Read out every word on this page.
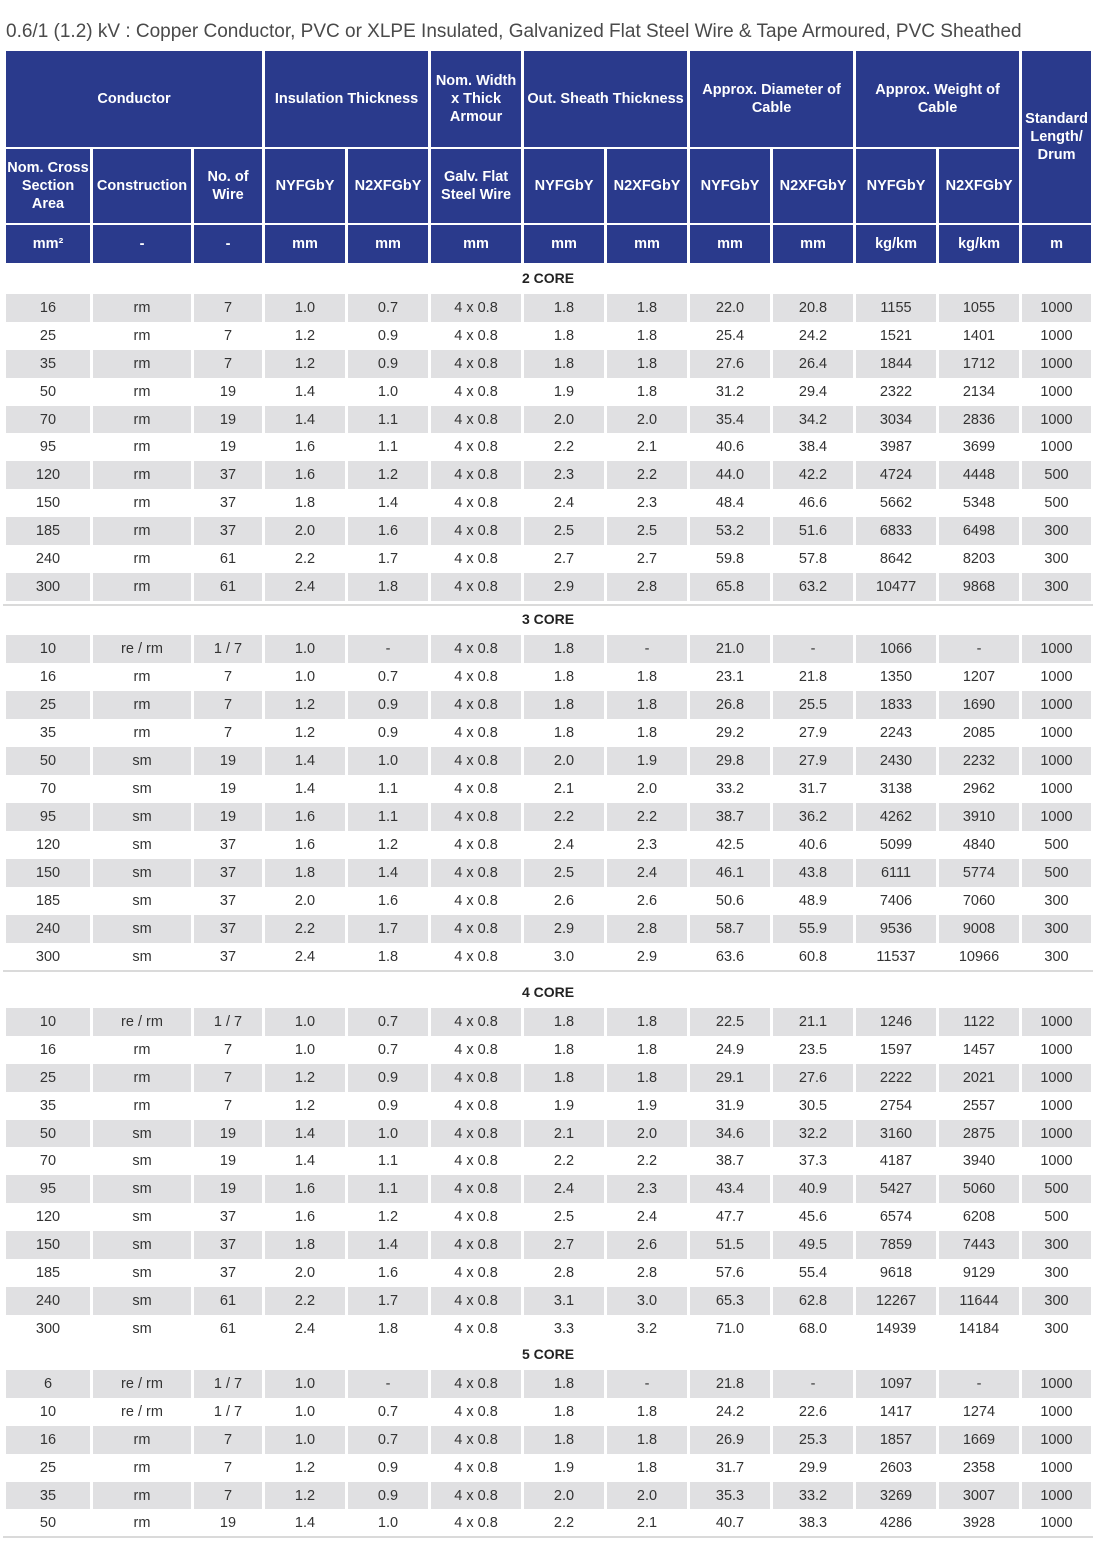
0.6/1 (1.2) kV : Copper Conductor, PVC or XLPE Insulated, Galvanized Flat Steel Wire & Tape Armoured, PVC Sheathed
Conductor			Insulation Thickness		Nom. Width x Thick Armour	Out. Sheath Thickness		Approx. Diameter of Cable		Approx. Weight of Cable		Standard Length/ Drum
Nom. Cross Section Area	Construction	No. of Wire	NYFGbY	N2XFGbY	Galv. Flat Steel Wire	NYFGbY	N2XFGbY	NYFGbY	N2XFGbY	NYFGbY	N2XFGbY	
mm²	-	-	mm	mm	mm	mm	mm	mm	mm	kg/km	kg/km	m
2 CORE
16	rm	7	1.0	0.7	4 x 0.8	1.8	1.8	22.0	20.8	1155	1055	1000
25	rm	7	1.2	0.9	4 x 0.8	1.8	1.8	25.4	24.2	1521	1401	1000
35	rm	7	1.2	0.9	4 x 0.8	1.8	1.8	27.6	26.4	1844	1712	1000
50	rm	19	1.4	1.0	4 x 0.8	1.9	1.8	31.2	29.4	2322	2134	1000
70	rm	19	1.4	1.1	4 x 0.8	2.0	2.0	35.4	34.2	3034	2836	1000
95	rm	19	1.6	1.1	4 x 0.8	2.2	2.1	40.6	38.4	3987	3699	1000
120	rm	37	1.6	1.2	4 x 0.8	2.3	2.2	44.0	42.2	4724	4448	500
150	rm	37	1.8	1.4	4 x 0.8	2.4	2.3	48.4	46.6	5662	5348	500
185	rm	37	2.0	1.6	4 x 0.8	2.5	2.5	53.2	51.6	6833	6498	300
240	rm	61	2.2	1.7	4 x 0.8	2.7	2.7	59.8	57.8	8642	8203	300
300	rm	61	2.4	1.8	4 x 0.8	2.9	2.8	65.8	63.2	10477	9868	300
3 CORE
10	re / rm	1 / 7	1.0	-	4 x 0.8	1.8	-	21.0	-	1066	-	1000
16	rm	7	1.0	0.7	4 x 0.8	1.8	1.8	23.1	21.8	1350	1207	1000
25	rm	7	1.2	0.9	4 x 0.8	1.8	1.8	26.8	25.5	1833	1690	1000
35	rm	7	1.2	0.9	4 x 0.8	1.8	1.8	29.2	27.9	2243	2085	1000
50	sm	19	1.4	1.0	4 x 0.8	2.0	1.9	29.8	27.9	2430	2232	1000
70	sm	19	1.4	1.1	4 x 0.8	2.1	2.0	33.2	31.7	3138	2962	1000
95	sm	19	1.6	1.1	4 x 0.8	2.2	2.2	38.7	36.2	4262	3910	1000
120	sm	37	1.6	1.2	4 x 0.8	2.4	2.3	42.5	40.6	5099	4840	500
150	sm	37	1.8	1.4	4 x 0.8	2.5	2.4	46.1	43.8	6111	5774	500
185	sm	37	2.0	1.6	4 x 0.8	2.6	2.6	50.6	48.9	7406	7060	300
240	sm	37	2.2	1.7	4 x 0.8	2.9	2.8	58.7	55.9	9536	9008	300
300	sm	37	2.4	1.8	4 x 0.8	3.0	2.9	63.6	60.8	11537	10966	300
4 CORE
10	re / rm	1 / 7	1.0	0.7	4 x 0.8	1.8	1.8	22.5	21.1	1246	1122	1000
16	rm	7	1.0	0.7	4 x 0.8	1.8	1.8	24.9	23.5	1597	1457	1000
25	rm	7	1.2	0.9	4 x 0.8	1.8	1.8	29.1	27.6	2222	2021	1000
35	rm	7	1.2	0.9	4 x 0.8	1.9	1.9	31.9	30.5	2754	2557	1000
50	sm	19	1.4	1.0	4 x 0.8	2.1	2.0	34.6	32.2	3160	2875	1000
70	sm	19	1.4	1.1	4 x 0.8	2.2	2.2	38.7	37.3	4187	3940	1000
95	sm	19	1.6	1.1	4 x 0.8	2.4	2.3	43.4	40.9	5427	5060	500
120	sm	37	1.6	1.2	4 x 0.8	2.5	2.4	47.7	45.6	6574	6208	500
150	sm	37	1.8	1.4	4 x 0.8	2.7	2.6	51.5	49.5	7859	7443	300
185	sm	37	2.0	1.6	4 x 0.8	2.8	2.8	57.6	55.4	9618	9129	300
240	sm	61	2.2	1.7	4 x 0.8	3.1	3.0	65.3	62.8	12267	11644	300
300	sm	61	2.4	1.8	4 x 0.8	3.3	3.2	71.0	68.0	14939	14184	300
5 CORE
6	re / rm	1 / 7	1.0	-	4 x 0.8	1.8	-	21.8	-	1097	-	1000
10	re / rm	1 / 7	1.0	0.7	4 x 0.8	1.8	1.8	24.2	22.6	1417	1274	1000
16	rm	7	1.0	0.7	4 x 0.8	1.8	1.8	26.9	25.3	1857	1669	1000
25	rm	7	1.2	0.9	4 x 0.8	1.9	1.8	31.7	29.9	2603	2358	1000
35	rm	7	1.2	0.9	4 x 0.8	2.0	2.0	35.3	33.2	3269	3007	1000
50	rm	19	1.4	1.0	4 x 0.8	2.2	2.1	40.7	38.3	4286	3928	1000
